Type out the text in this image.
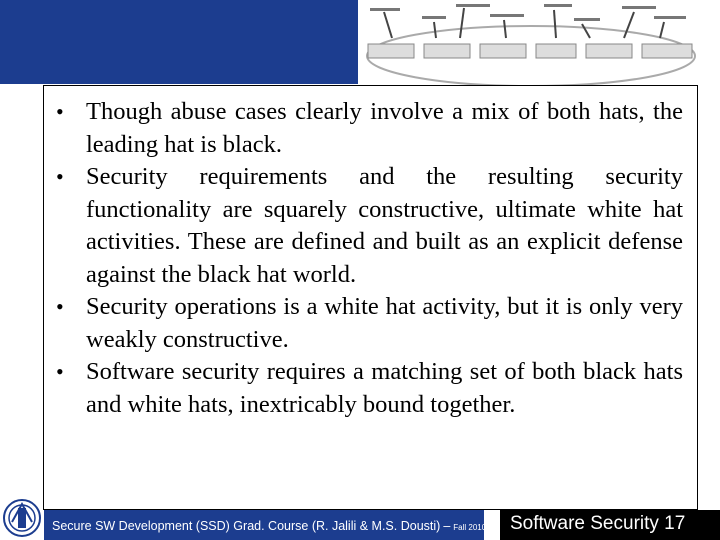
• Though abuse cases clearly involve a mix of both hats, the leading hat is black.
• Security requirements and the resulting security functionality are squarely constructive, ultimate white hat activities. These are defined and built as an explicit defense against the black hat world.
• Security operations is a white hat activity, but it is only very weakly constructive.
• Software security requires a matching set of both black hats and white hats, inextricably bound together.
Secure SW Development (SSD) Grad. Course (R. Jalili & M.S. Dousti) – Fall 2010 Software Security 17
